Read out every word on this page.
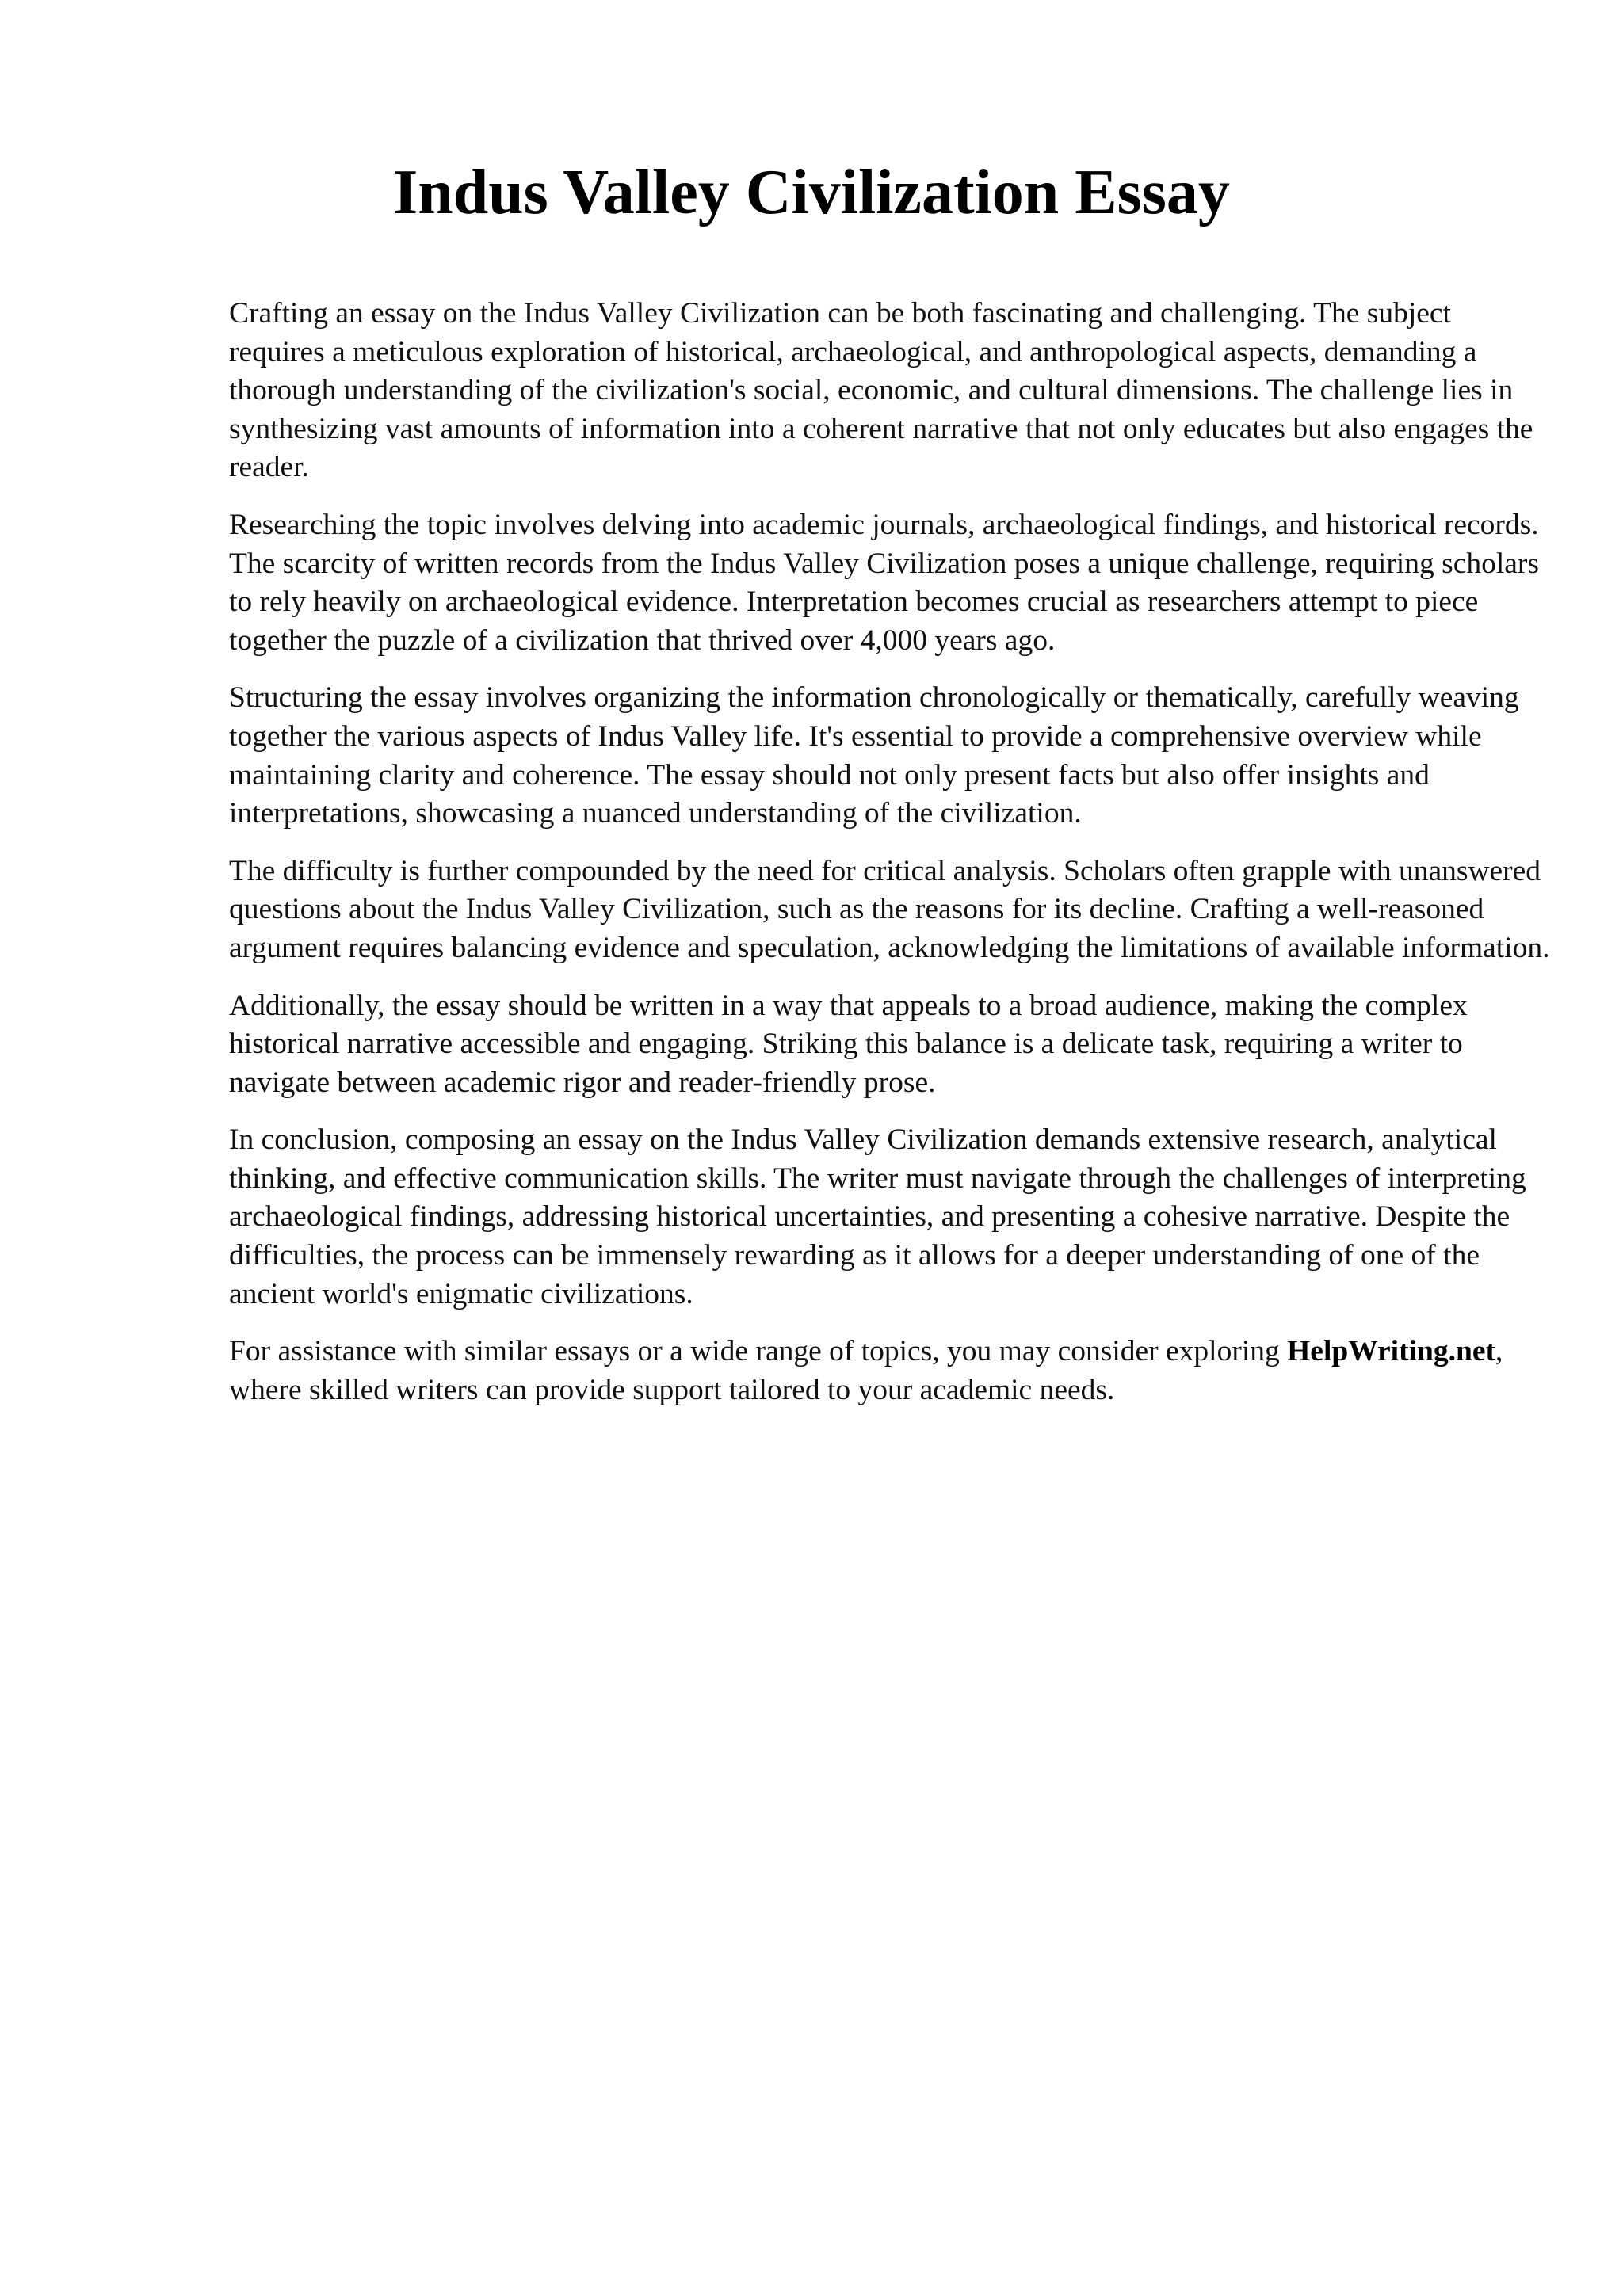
Indus Valley Civilization Essay

Crafting an essay on the Indus Valley Civilization can be both fascinating and challenging. The subject requires a meticulous exploration of historical, archaeological, and anthropological aspects, demanding a thorough understanding of the civilization's social, economic, and cultural dimensions. The challenge lies in synthesizing vast amounts of information into a coherent narrative that not only educates but also engages the reader.

Researching the topic involves delving into academic journals, archaeological findings, and historical records. The scarcity of written records from the Indus Valley Civilization poses a unique challenge, requiring scholars to rely heavily on archaeological evidence. Interpretation becomes crucial as researchers attempt to piece together the puzzle of a civilization that thrived over 4,000 years ago.

Structuring the essay involves organizing the information chronologically or thematically, carefully weaving together the various aspects of Indus Valley life. It's essential to provide a comprehensive overview while maintaining clarity and coherence. The essay should not only present facts but also offer insights and interpretations, showcasing a nuanced understanding of the civilization.

The difficulty is further compounded by the need for critical analysis. Scholars often grapple with unanswered questions about the Indus Valley Civilization, such as the reasons for its decline. Crafting a well-reasoned argument requires balancing evidence and speculation, acknowledging the limitations of available information.

Additionally, the essay should be written in a way that appeals to a broad audience, making the complex historical narrative accessible and engaging. Striking this balance is a delicate task, requiring a writer to navigate between academic rigor and reader-friendly prose.

In conclusion, composing an essay on the Indus Valley Civilization demands extensive research, analytical thinking, and effective communication skills. The writer must navigate through the challenges of interpreting archaeological findings, addressing historical uncertainties, and presenting a cohesive narrative. Despite the difficulties, the process can be immensely rewarding as it allows for a deeper understanding of one of the ancient world's enigmatic civilizations.

For assistance with similar essays or a wide range of topics, you may consider exploring HelpWriting.net, where skilled writers can provide support tailored to your academic needs.
